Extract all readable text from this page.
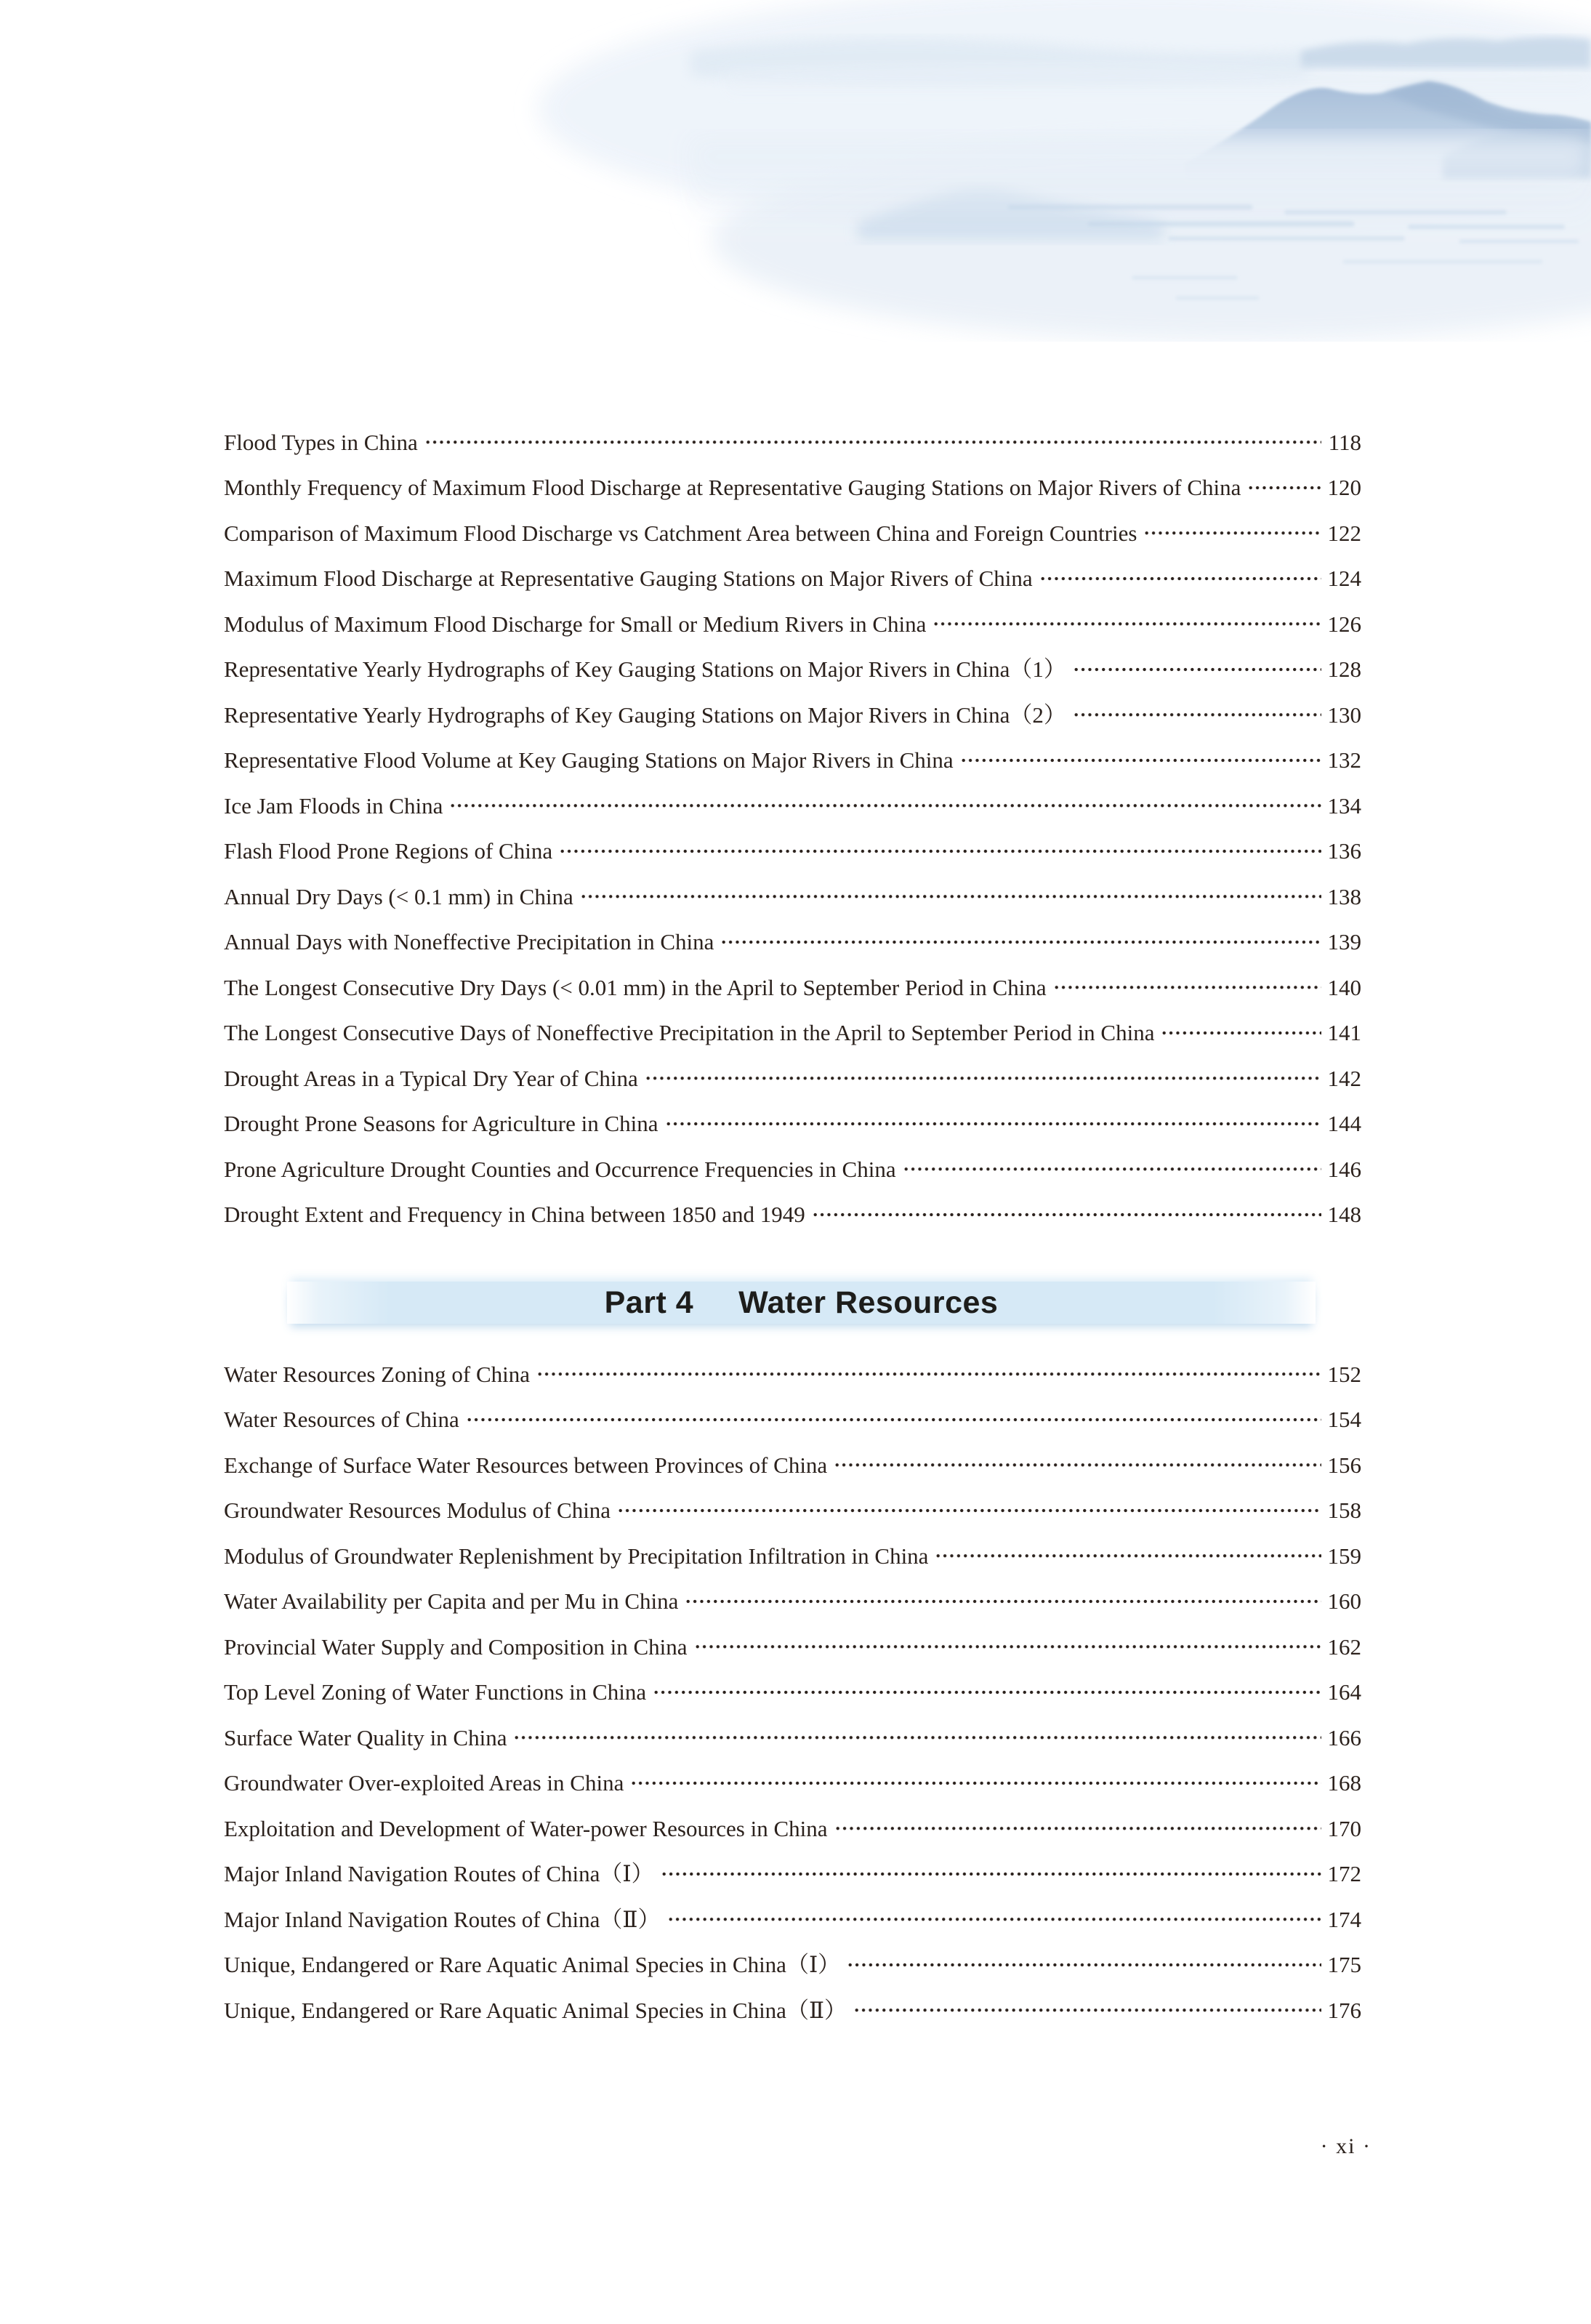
Flood Types in China	118
Monthly Frequency of Maximum Flood Discharge at Representative Gauging Stations on Major Rivers of China	120
Comparison of Maximum Flood Discharge vs Catchment Area between China and Foreign Countries	122
Maximum Flood Discharge at Representative Gauging Stations on Major Rivers of China	124
Modulus of Maximum Flood Discharge for Small or Medium Rivers in China	126
Representative Yearly Hydrographs of Key Gauging Stations on Major Rivers in China（1）	128
Representative Yearly Hydrographs of Key Gauging Stations on Major Rivers in China（2）	130
Representative Flood Volume at Key Gauging Stations on Major Rivers in China	132
Ice Jam Floods in China	134
Flash Flood Prone Regions of China	136
Annual Dry Days (< 0.1 mm) in China	138
Annual Days with Noneffective Precipitation in China	139
The Longest Consecutive Dry Days (< 0.01 mm) in the April to September Period in China	140
The Longest Consecutive Days of Noneffective Precipitation in the April to September Period in China	141
Drought Areas in a Typical Dry Year of China	142
Drought Prone Seasons for Agriculture in China	144
Prone Agriculture Drought Counties and Occurrence Frequencies in China	146
Drought Extent and Frequency in China between 1850 and 1949	148
Part 4 Water Resources
Water Resources Zoning of China	152
Water Resources of China	154
Exchange of Surface Water Resources between Provinces of China	156
Groundwater Resources Modulus of China	158
Modulus of Groundwater Replenishment by Precipitation Infiltration in China	159
Water Availability per Capita and per Mu in China	160
Provincial Water Supply and Composition in China	162
Top Level Zoning of Water Functions in China	164
Surface Water Quality in China	166
Groundwater Over-exploited Areas in China	168
Exploitation and Development of Water-power Resources in China	170
Major Inland Navigation Routes of China（Ⅰ）	172
Major Inland Navigation Routes of China（Ⅱ）	174
Unique, Endangered or Rare Aquatic Animal Species in China（Ⅰ）	175
Unique, Endangered or Rare Aquatic Animal Species in China（Ⅱ）	176
· xi ·
